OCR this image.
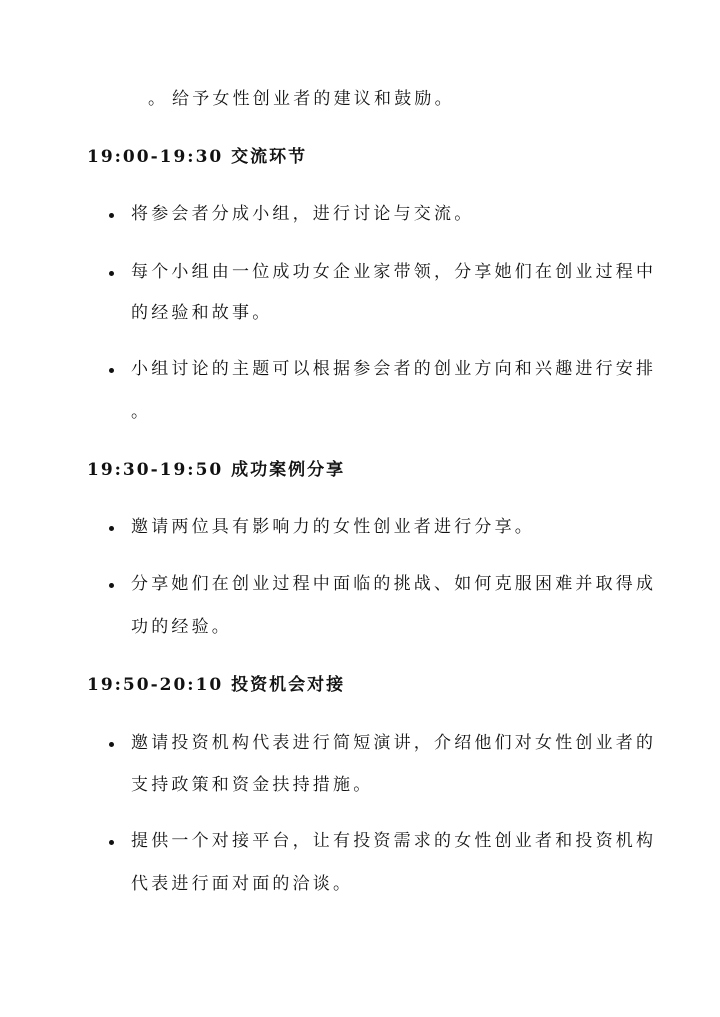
。 给予女性创业者的建议和鼓励。
19:00-19:30 交流环节
将参会者分成小组，进行讨论与交流。
每个小组由一位成功女企业家带领，分享她们在创业过程中
的经验和故事。
小组讨论的主题可以根据参会者的创业方向和兴趣进行安排
。
19:30-19:50 成功案例分享
邀请两位具有影响力的女性创业者进行分享。
分享她们在创业过程中面临的挑战、如何克服困难并取得成
功的经验。
19:50-20:10 投资机会对接
邀请投资机构代表进行简短演讲，介绍他们对女性创业者的
支持政策和资金扶持措施。
提供一个对接平台，让有投资需求的女性创业者和投资机构
代表进行面对面的洽谈。
